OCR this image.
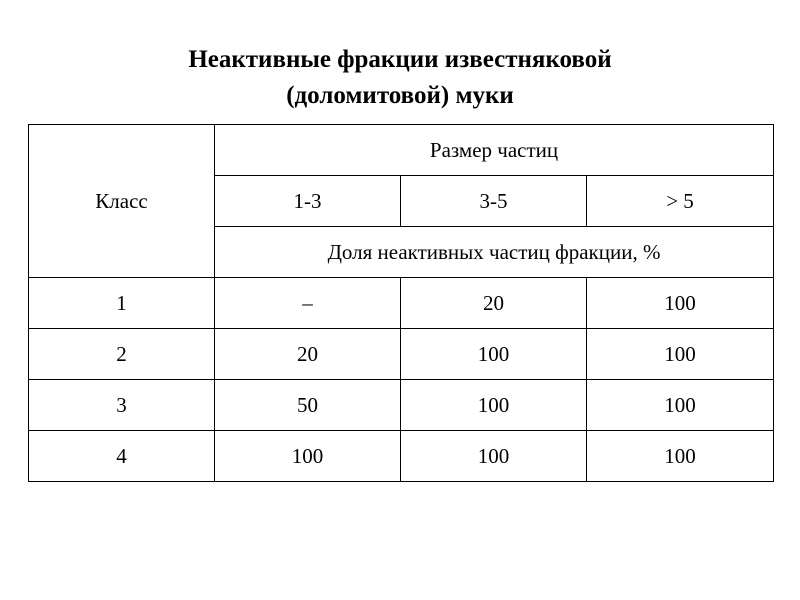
Неактивные фракции известняковой
(доломитовой) муки
Класс	Размер частиц		
	1-3	3-5	> 5
	Доля неактивных частиц фракции, %		
1	–	20	100
2	20	100	100
3	50	100	100
4	100	100	100
